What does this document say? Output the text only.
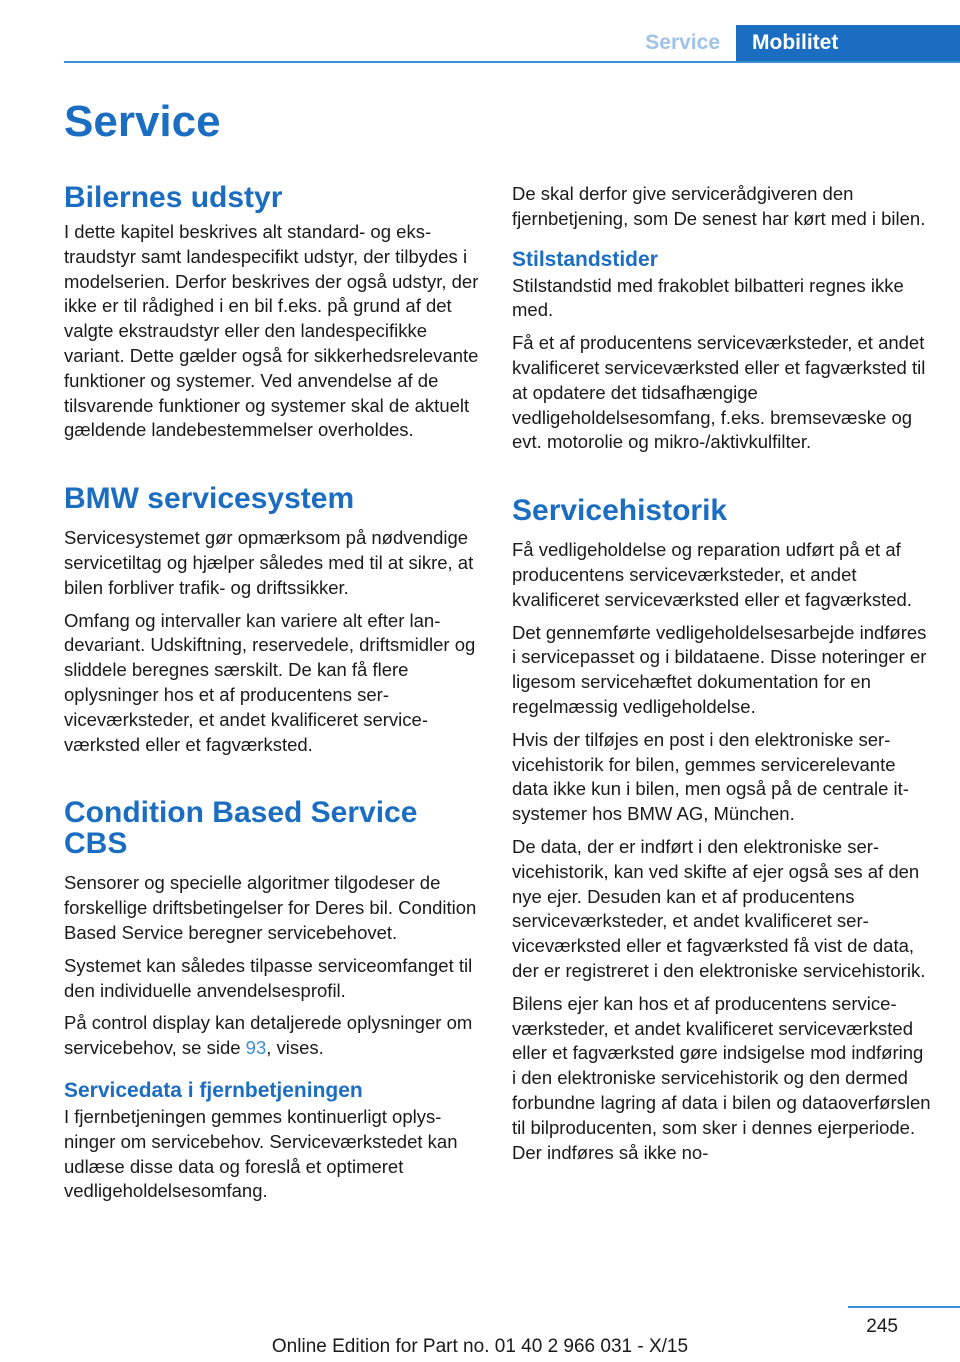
Service	Mobilitet
Service
Bilernes udstyr

I dette kapitel beskrives alt standard- og ekstraudstyr samt landespecifikt udstyr, der tilbydes i modelserien. Derfor beskrives der også udstyr, der ikke er til rådighed i en bil f.eks. på grund af det valgte ekstraudstyr eller den landespecifikke variant. Dette gælder også for sikkerhedsrelevante funktioner og systemer. Ved anvendelse af de tilsvarende funktioner og systemer skal de aktuelt gældende landebestemmelser overholdes.

BMW servicesystem

Servicesystemet gør opmærksom på nødvendige servicetiltag og hjælper således med til at sikre, at bilen forbliver trafik- og driftssikker.

Omfang og intervaller kan variere alt efter landevariant. Udskiftning, reservedele, driftsmidler og sliddele beregnes særskilt. De kan få flere oplysninger hos et af producentens serviceværksteder, et andet kvalificeret serviceværksted eller et fagværksted.

Condition Based Service CBS

Sensorer og specielle algoritmer tilgodeser de forskellige driftsbetingelser for Deres bil. Condition Based Service beregner servicebehovet.

Systemet kan således tilpasse serviceomfanget til den individuelle anvendelsesprofil.

På control display kan detaljerede oplysninger om servicebehov, se side 93, vises.

Servicedata i fjernbetjeningen

I fjernbetjeningen gemmes kontinuerligt oplysninger om servicebehov. Serviceværkstedet kan udlæse disse data og foreslå et optimeret vedligeholdelsesomfang.

De skal derfor give servicerådgiveren den fjernbetjening, som De senest har kørt med i bilen.

Stilstandstider

Stilstandstid med frakoblet bilbatteri regnes ikke med.

Få et af producentens serviceværksteder, et andet kvalificeret serviceværksted eller et fagværksted til at opdatere det tidsafhængige vedligeholdelsesomfang, f.eks. bremsevæske og evt. motorolie og mikro-/aktivkulfilter.

Servicehistorik

Få vedligeholdelse og reparation udført på et af producentens serviceværksteder, et andet kvalificeret serviceværksted eller et fagværksted.

Det gennemførte vedligeholdelsesarbejde indføres i servicepasset og i bildataene. Disse noteringer er ligesom servicehæftet dokumentation for en regelmæssig vedligeholdelse.

Hvis der tilføjes en post i den elektroniske servicehistorik for bilen, gemmes servicerelevante data ikke kun i bilen, men også på de centrale it-systemer hos BMW AG, München.

De data, der er indført i den elektroniske servicehistorik, kan ved skifte af ejer også ses af den nye ejer. Desuden kan et af producentens serviceværksteder, et andet kvalificeret serviceværksted eller et fagværksted få vist de data, der er registreret i den elektroniske servicehistorik.

Bilens ejer kan hos et af producentens serviceværksteder, et andet kvalificeret serviceværksted eller et fagværksted gøre indsigelse mod indføring i den elektroniske servicehistorik og den dermed forbundne lagring af data i bilen og dataoverførslen til bilproducenten, som sker i dennes ejerperiode. Der indføres så ikke no-

245
Online Edition for Part no. 01 40 2 966 031 - X/15
